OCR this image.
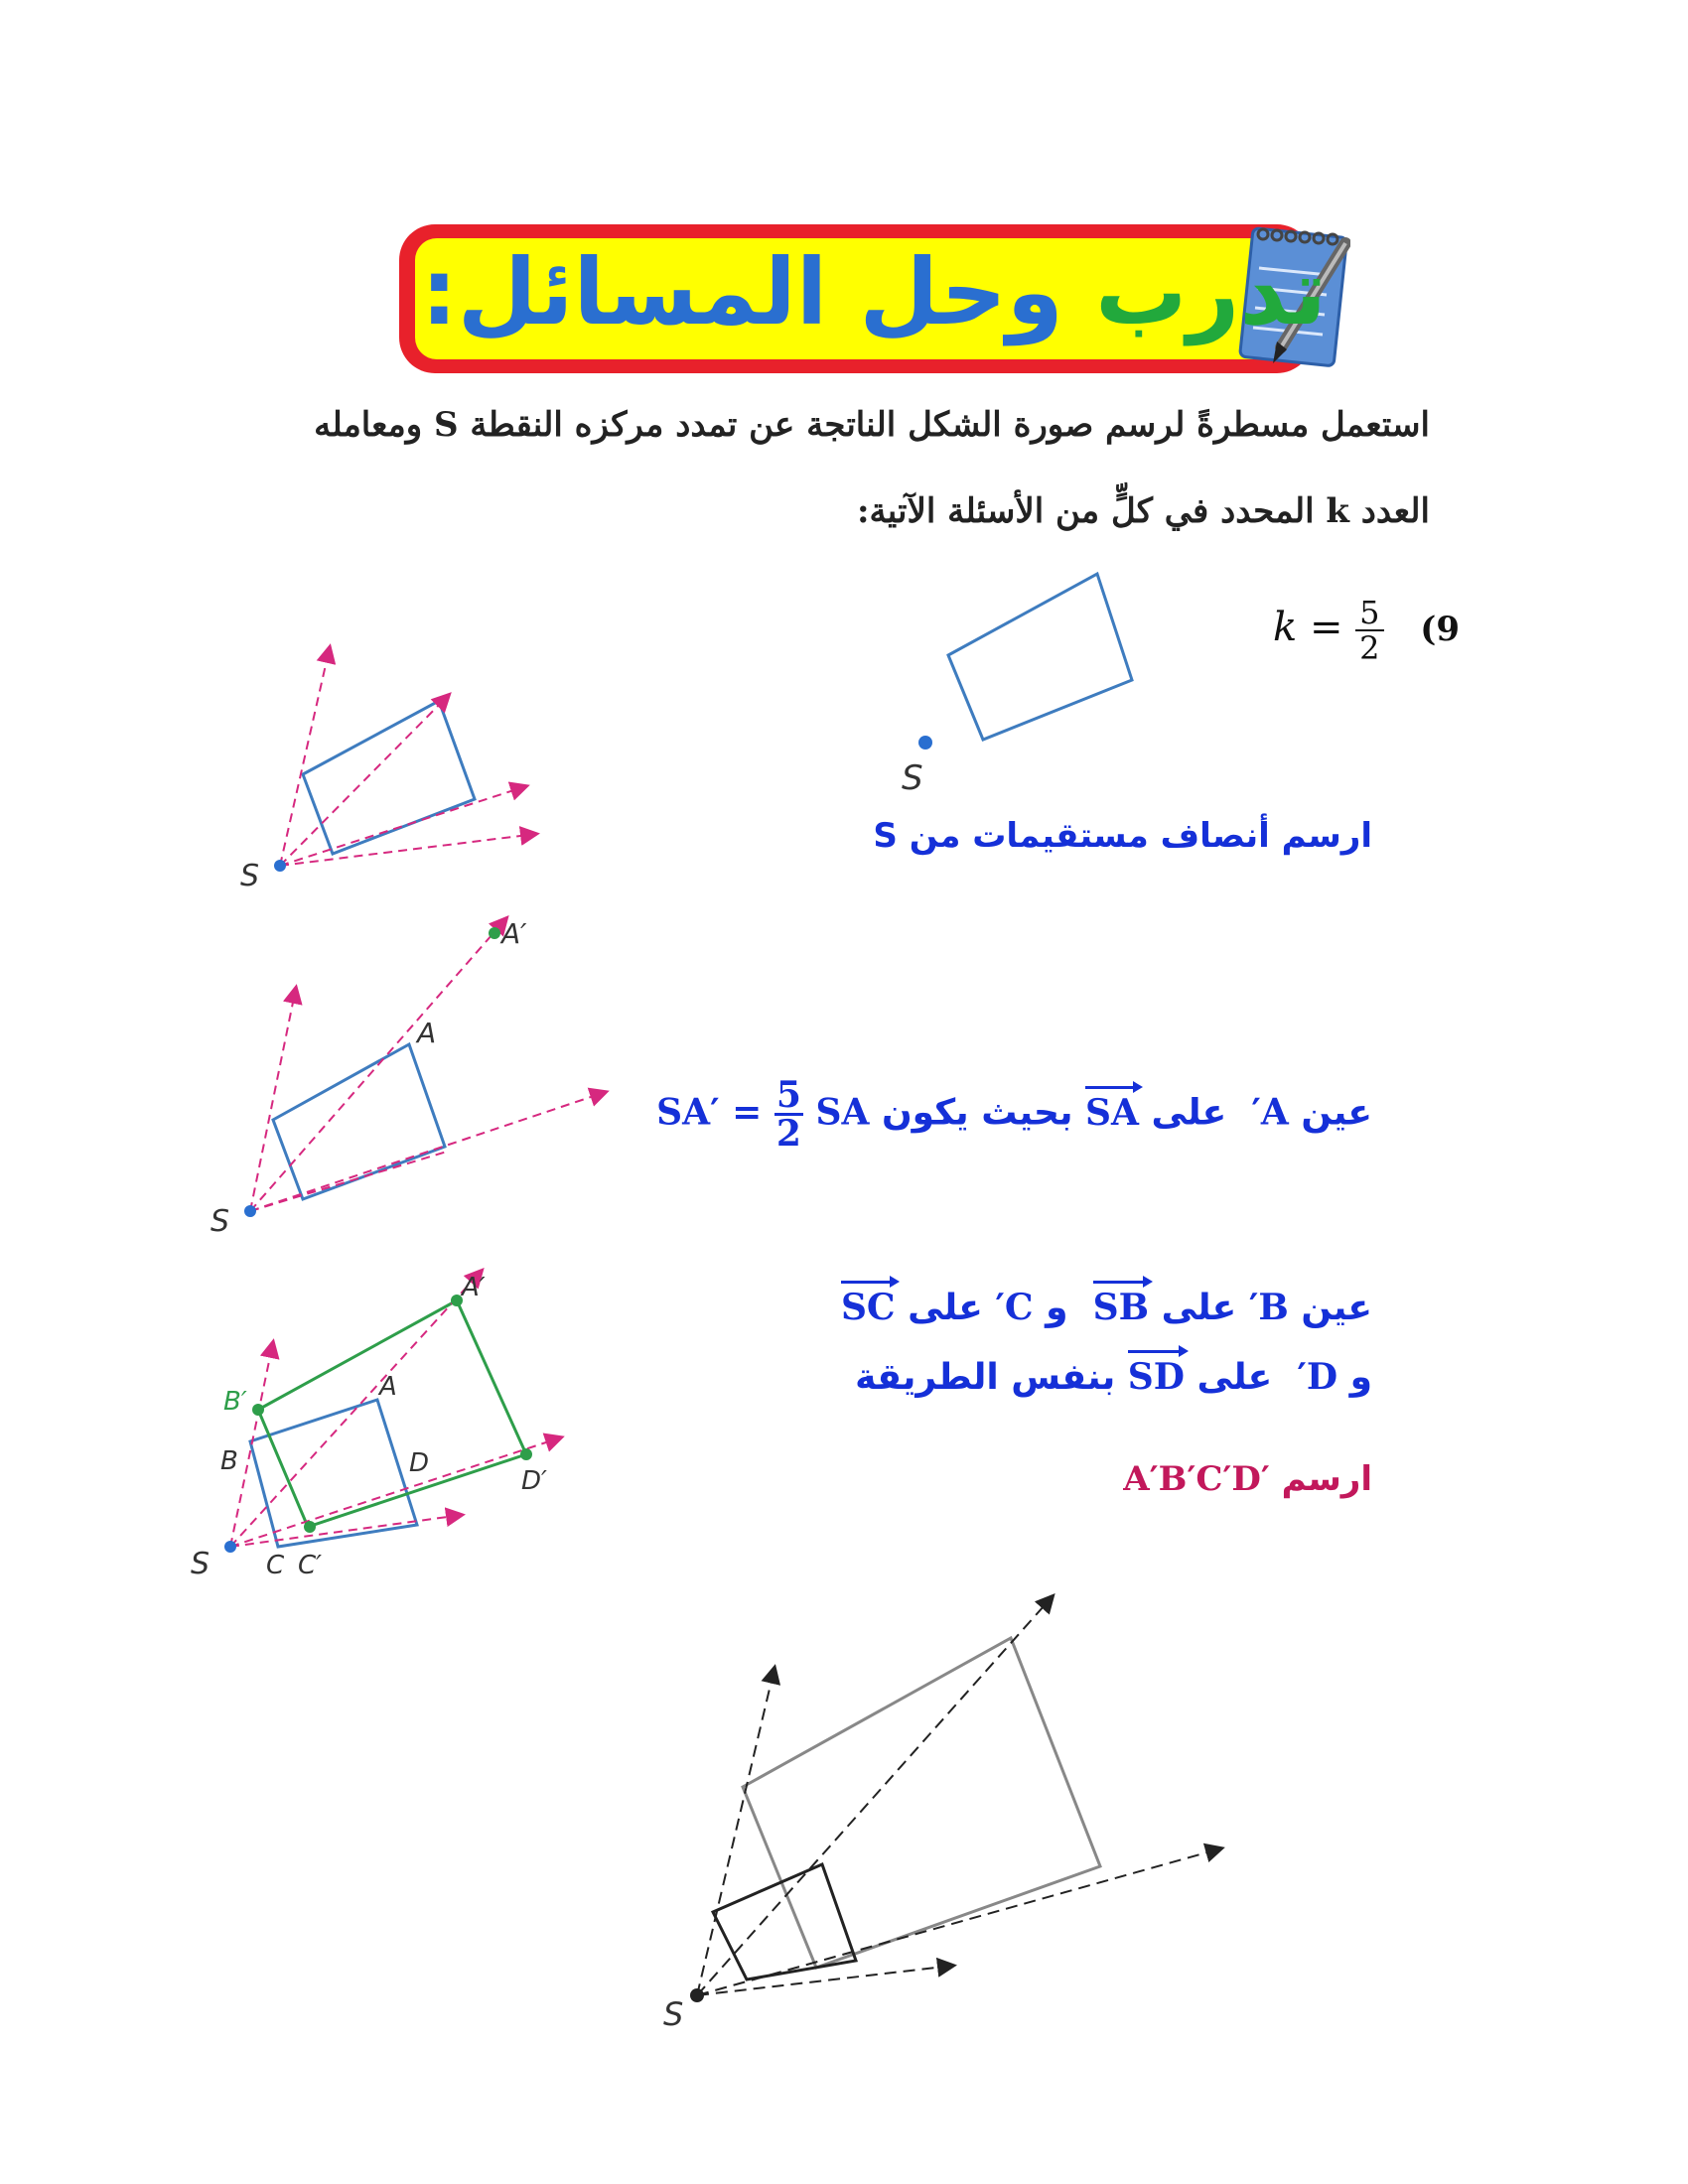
تدرب وحل المسائل:
استعمل مسطرةً لرسم صورة الشكل الناتجة عن تمدد مركزه النقطة S ومعامله
العدد k المحدد في كلٍّ من الأسئلة الآتية:
$k = \frac{5}{2} (9$
S
ارسم أنصاف مستقيمات من S
S
عين A′  على SA بحيث يكون $SA' = \frac{5}{2}$ SA
A′
A
S
عين B′ على SB  و C′ على SC
و D′  على SD بنفس الطريقة
ارسم A′B′C′D′
A′
A
B′
B	D
D′
C C′
S
S
